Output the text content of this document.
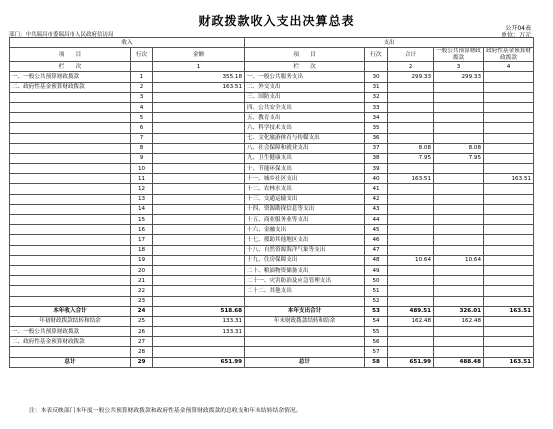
财政拨款收入支出决算总表
公开04表
部门：中共瑞昌市委瑞昌市人民政府信访局	单位：万元
收入			支出				
项　　目	行次	金额	项　　目	行次	合计	一般公共预算财政拨款	政府性基金预算财政拨款
栏　　次		1	栏　　次		2	3	4
一、一般公共预算财政拨款	1	355.18	一、一般公共服务支出	30	299.33	299.33	
二、政府性基金预算财政拨款	2	163.51	二、外交支出	31			
	3		三、国防支出	32			
	4		四、公共安全支出	33			
	5		五、教育支出	34			
	6		六、科学技术支出	35			
	7		七、文化旅游体育与传媒支出	36			
	8		八、社会保障和就业支出	37	8.08	8.08	
	9		九、卫生健康支出	38	7.95	7.95	
	10		十、节能环保支出	39			
	11		十一、城乡社区支出	40	163.51		163.51
	12		十二、农林水支出	41			
	13		十三、交通运输支出	42			
	14		十四、资源勘探信息等支出	43			
	15		十五、商业服务业等支出	44			
	16		十六、金融支出	45			
	17		十七、援助其他地区支出	46			
	18		十八、自然资源海洋气象等支出	47			
	19		十九、住房保障支出	48	10.64	10.64	
	20		二十、粮油物资储备支出	49			
	21		二十一、灾害防治及应急管理支出	50			
	22		二十二、其他支出	51			
	23			52			
本年收入合计	24	518.68	本年支出合计	53	489.51	326.01	163.51
年初财政拨款结转和结余	25	133.31	年末财政拨款结转和结余	54	162.48	162.48	
一、一般公共预算财政拨款	26	133.31		55			
二、政府性基金预算财政拨款	27			56			
	28			57			
总计	29	651.99	总计	58	651.99	488.48	163.51
注：本表反映部门本年度一般公共预算财政拨款和政府性基金预算财政拨款的总收支和年末结转结余情况。
